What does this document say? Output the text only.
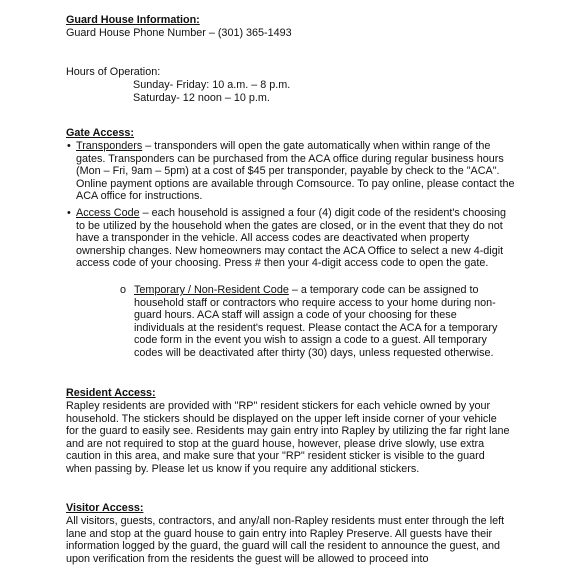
Guard House Information:
Guard House Phone Number – (301) 365-1493
Hours of Operation:
Sunday- Friday: 10 a.m. – 8 p.m.
Saturday- 12 noon – 10 p.m.
Gate Access:
• Transponders – transponders will open the gate automatically when within range of the gates. Transponders can be purchased from the ACA office during regular business hours (Mon – Fri, 9am – 5pm) at a cost of $45 per transponder, payable by check to the "ACA". Online payment options are available through Comsource. To pay online, please contact the ACA office for instructions.
• Access Code – each household is assigned a four (4) digit code of the resident's choosing to be utilized by the household when the gates are closed, or in the event that they do not have a transponder in the vehicle. All access codes are deactivated when property ownership changes. New homeowners may contact the ACA Office to select a new 4-digit access code of your choosing. Press # then your 4-digit access code to open the gate.
o Temporary / Non-Resident Code – a temporary code can be assigned to household staff or contractors who require access to your home during non-guard hours. ACA staff will assign a code of your choosing for these individuals at the resident's request. Please contact the ACA for a temporary code form in the event you wish to assign a code to a guest. All temporary codes will be deactivated after thirty (30) days, unless requested otherwise.
Resident Access:
Rapley residents are provided with "RP" resident stickers for each vehicle owned by your household. The stickers should be displayed on the upper left inside corner of your vehicle for the guard to easily see. Residents may gain entry into Rapley by utilizing the far right lane and are not required to stop at the guard house, however, please drive slowly, use extra caution in this area, and make sure that your "RP" resident sticker is visible to the guard when passing by. Please let us know if you require any additional stickers.
Visitor Access:
All visitors, guests, contractors, and any/all non-Rapley residents must enter through the left lane and stop at the guard house to gain entry into Rapley Preserve. All guests have their information logged by the guard, the guard will call the resident to announce the guest, and upon verification from the residents the guest will be allowed to proceed into
